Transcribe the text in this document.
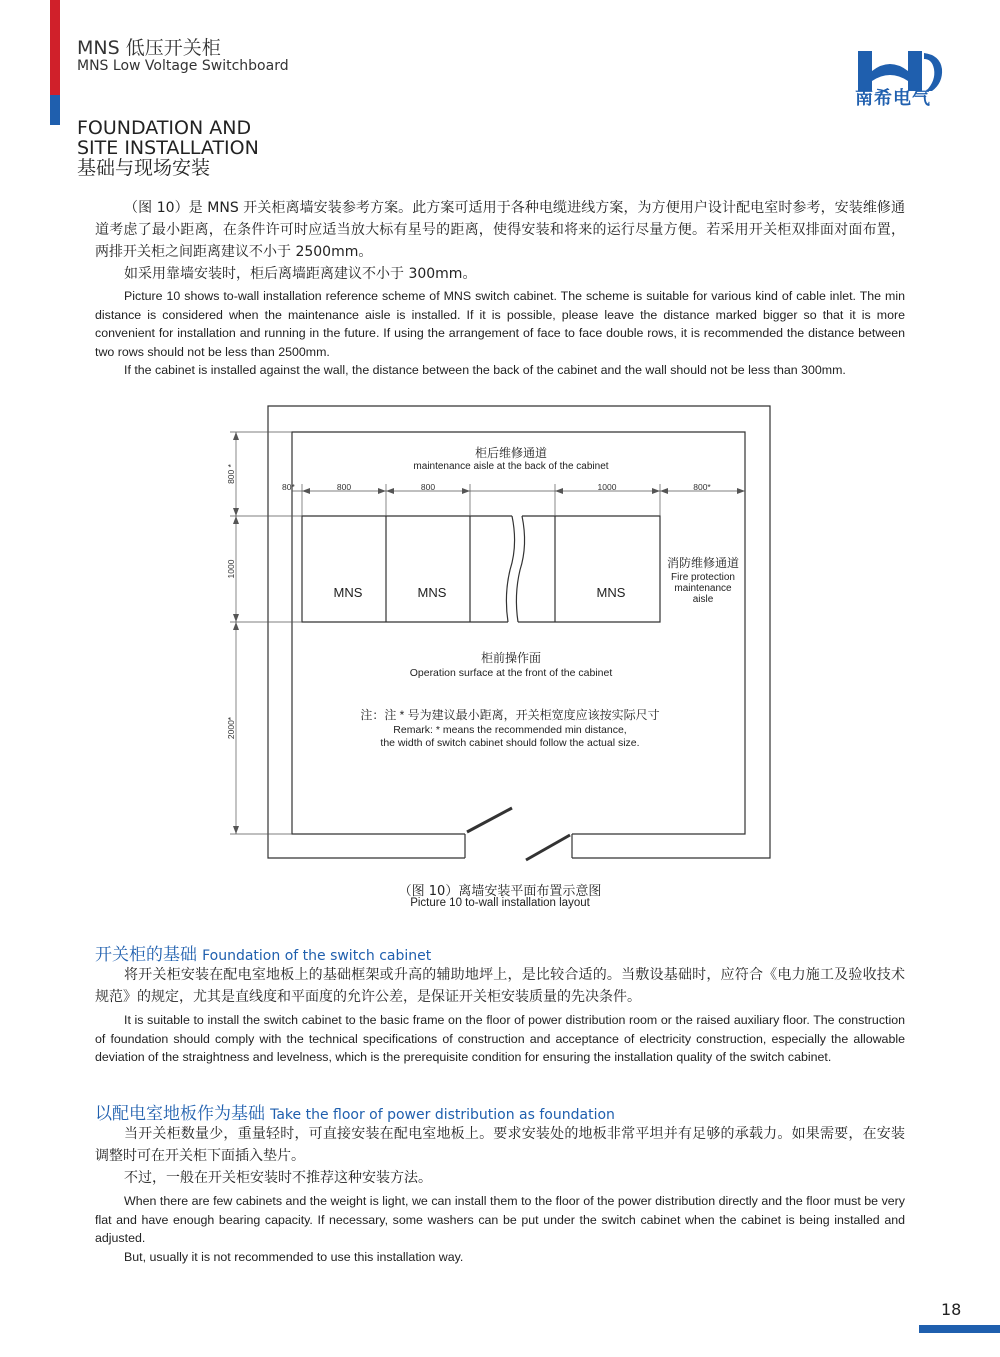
MNS 低压开关柜
MNS Low Voltage Switchboard
南希电气
FOUNDATION AND
SITE INSTALLATION
基础与现场安装
（图 10）是 MNS 开关柜离墙安装参考方案。此方案可适用于各种电缆进线方案，为方便用户设计配电室时参考，安装维修通道考虑了最小距离，在条件许可时应适当放大标有星号的距离，使得安装和将来的运行尽量方便。若采用开关柜双排面对面布置，两排开关柜之间距离建议不小于 2500mm。
如采用靠墙安装时，柜后离墙距离建议不小于 300mm。
Picture 10 shows to-wall installation reference scheme of MNS switch cabinet. The scheme is suitable for various kind of cable inlet. The min distance is considered when the maintenance aisle is installed. If it is possible, please leave the distance marked bigger so that it is more convenient for installation and running in the future. If using the arrangement of face to face double rows, it is recommended the distance between two rows should not be less than 2500mm.
If the cabinet is installed against the wall, the distance between the back of the cabinet and the wall should not be less than 300mm.
80*	800	800	1000	800*
800 *
1000
2000*
柜后维修通道
maintenance aisle at the back of the cabinet
MNS	MNS	MNS
消防维修通道
Fire protection
maintenance
aisle
柜前操作面
Operation surface at the front of the cabinet
注：注 * 号为建议最小距离，开关柜宽度应该按实际尺寸
Remark: * means the recommended min distance,
the width of switch cabinet should follow the actual size.
（图 10）离墙安装平面布置示意图
Picture 10 to-wall installation layout
开关柜的基础 Foundation of the switch cabinet
将开关柜安装在配电室地板上的基础框架或升高的辅助地坪上，是比较合适的。当敷设基础时，应符合《电力施工及验收技术规范》的规定，尤其是直线度和平面度的允许公差，是保证开关柜安装质量的先决条件。
It is suitable to install the switch cabinet to the basic frame on the floor of power distribution room or the raised auxiliary floor. The construction of foundation should comply with the technical specifications of construction and acceptance of electricity construction, especially the allowable deviation of the straightness and levelness, which is the prerequisite condition for ensuring the installation quality of the switch cabinet.
以配电室地板作为基础 Take the floor of power distribution as foundation
当开关柜数量少，重量轻时，可直接安装在配电室地板上。要求安装处的地板非常平坦并有足够的承载力。如果需要，在安装调整时可在开关柜下面插入垫片。
不过，一般在开关柜安装时不推荐这种安装方法。
When there are few cabinets and the weight is light, we can install them to the floor of the power distribution directly and the floor must be very flat and have enough bearing capacity. If necessary, some washers can be put under the switch cabinet when the cabinet is being installed and adjusted.
But, usually it is not recommended to use this installation way.
18
